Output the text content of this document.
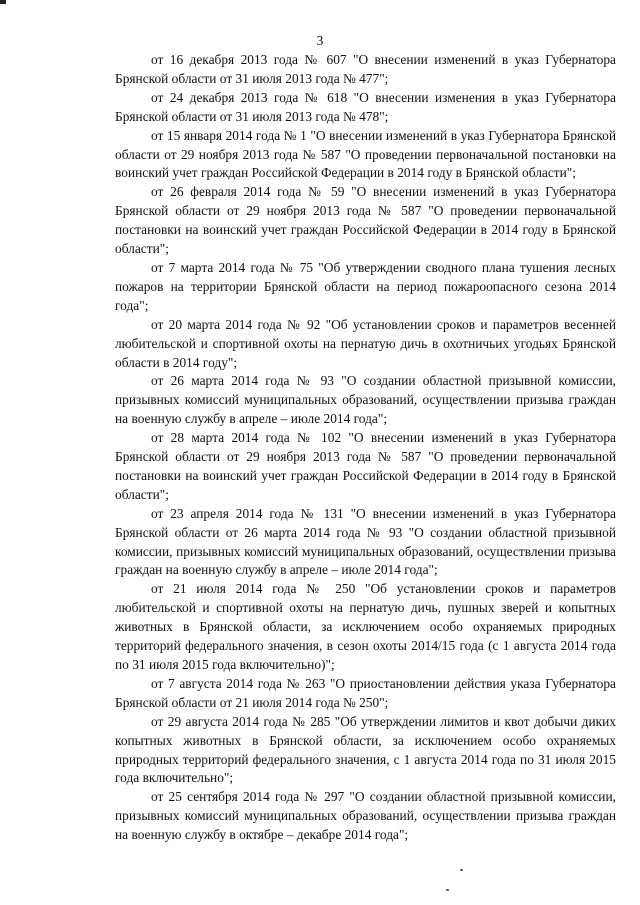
3

от 16 декабря 2013 года № 607 "О внесении изменений в указ Губернатора Брянской области от 31 июля 2013 года № 477";

от 24 декабря 2013 года № 618 "О внесении изменения в указ Губернатора Брянской области от 31 июля 2013 года № 478";

от 15 января 2014 года № 1 "О внесении изменений в указ Губернатора Брянской области от 29 ноября 2013 года № 587 "О проведении первоначальной постановки на воинский учет граждан Российской Федерации в 2014 году в Брянской области";

от 26 февраля 2014 года № 59 "О внесении изменений в указ Губернатора Брянской области от 29 ноября 2013 года № 587 "О проведении первоначальной постановки на воинский учет граждан Российской Федерации в 2014 году в Брянской области";

от 7 марта 2014 года № 75 "Об утверждении сводного плана тушения лесных пожаров на территории Брянской области на период пожароопасного сезона 2014 года";

от 20 марта 2014 года № 92 "Об установлении сроков и параметров весенней любительской и спортивной охоты на пернатую дичь в охотничьих угодьях Брянской области в 2014 году";

от 26 марта 2014 года № 93 "О создании областной призывной комиссии, призывных комиссий муниципальных образований, осуществлении призыва граждан на военную службу в апреле – июле 2014 года";

от 28 марта 2014 года № 102 "О внесении изменений в указ Губернатора Брянской области от 29 ноября 2013 года № 587 "О проведении первоначальной постановки на воинский учет граждан Российской Федерации в 2014 году в Брянской области";

от 23 апреля 2014 года № 131 "О внесении изменений в указ Губернатора Брянской области от 26 марта 2014 года № 93 "О создании областной призывной комиссии, призывных комиссий муниципальных образований, осуществлении призыва граждан на военную службу в апреле – июле 2014 года";

от 21 июля 2014 года № 250 "Об установлении сроков и параметров любительской и спортивной охоты на пернатую дичь, пушных зверей и копытных животных в Брянской области, за исключением особо охраняемых природных территорий федерального значения, в сезон охоты 2014/15 года (с 1 августа 2014 года по 31 июля 2015 года включительно)";

от 7 августа 2014 года № 263 "О приостановлении действия указа Губернатора Брянской области от 21 июля 2014 года № 250";

от 29 августа 2014 года № 285 "Об утверждении лимитов и квот добычи диких копытных животных в Брянской области, за исключением особо охраняемых природных территорий федерального значения, с 1 августа 2014 года по 31 июля 2015 года включительно";

от 25 сентября 2014 года № 297 "О создании областной призывной комиссии, призывных комиссий муниципальных образований, осуществлении призыва граждан на военную службу в октябре – декабре 2014 года";
